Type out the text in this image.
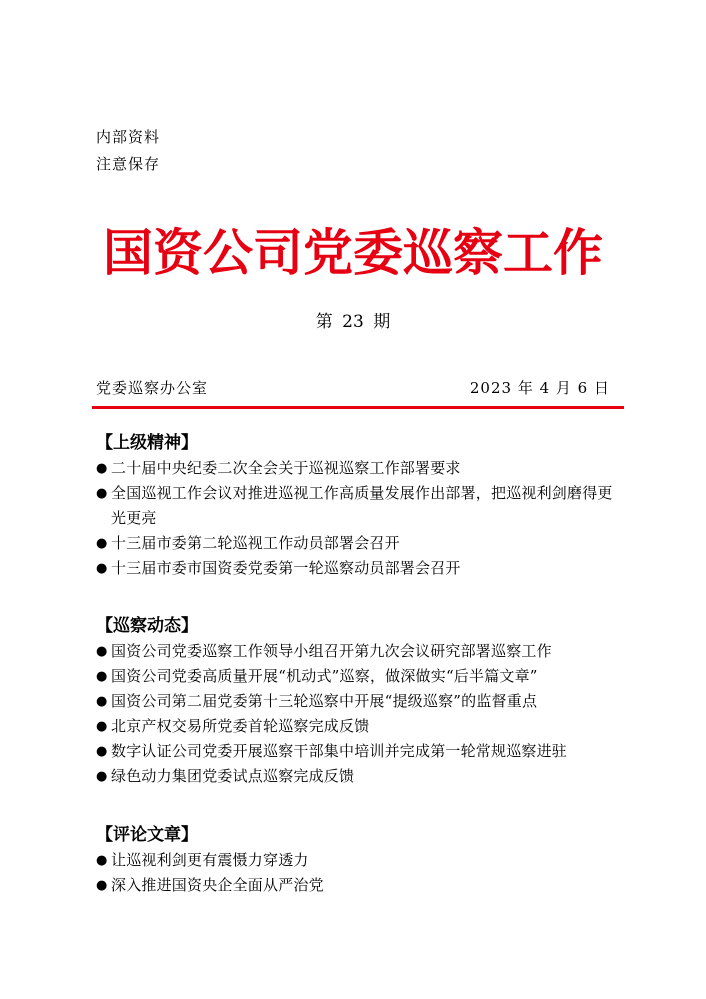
内部资料
注意保存
国资公司党委巡察工作
第 23 期
党委巡察办公室	2023 年 4 月 6 日
【上级精神】
● 二十届中央纪委二次全会关于巡视巡察工作部署要求
● 全国巡视工作会议对推进巡视工作高质量发展作出部署，把巡视利剑磨得更光更亮
● 十三届市委第二轮巡视工作动员部署会召开
● 十三届市委市国资委党委第一轮巡察动员部署会召开
【巡察动态】
● 国资公司党委巡察工作领导小组召开第九次会议研究部署巡察工作
● 国资公司党委高质量开展“机动式”巡察，做深做实“后半篇文章”
● 国资公司第二届党委第十三轮巡察中开展“提级巡察”的监督重点
● 北京产权交易所党委首轮巡察完成反馈
● 数字认证公司党委开展巡察干部集中培训并完成第一轮常规巡察进驻
● 绿色动力集团党委试点巡察完成反馈
【评论文章】
● 让巡视利剑更有震慑力穿透力
● 深入推进国资央企全面从严治党
